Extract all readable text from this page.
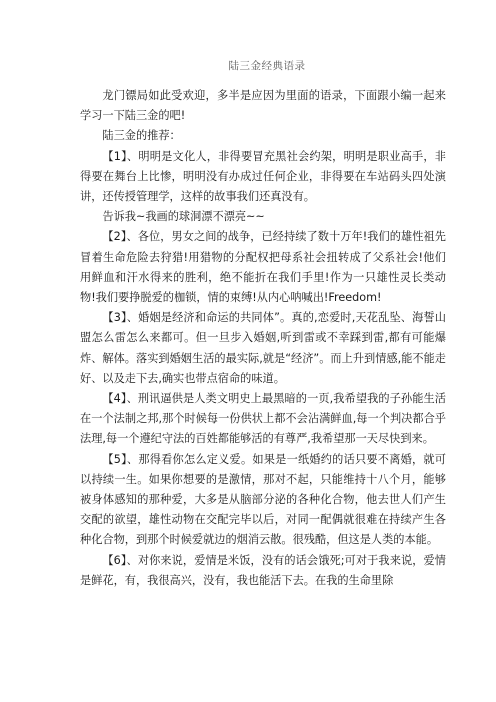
陆三金经典语录

龙门镖局如此受欢迎，多半是应因为里面的语录，下面跟小编一起来学习一下陆三金的吧!

陆三金的推荐：

【1】、明明是文化人，非得要冒充黑社会约架，明明是职业高手，非得要在舞台上比惨，明明没有办成过任何企业，非得要在车站码头四处演讲，还传授管理学，这样的故事我们还真没有。

告诉我~我画的球洞漂不漂亮~~

【2】、各位，男女之间的战争，已经持续了数十万年!我们的雄性祖先冒着生命危险去狩猎!用猎物的分配权把母系社会扭转成了父系社会!他们用鲜血和汗水得来的胜利，绝不能折在我们手里!作为一只雄性灵长类动物!我们要挣脱爱的枷锁，情的束缚!从内心呐喊出!Freedom!

【3】、婚姻是经济和命运的共同体”。真的,恋爱时,天花乱坠、海誓山盟怎么雷怎么来都可。但一旦步入婚姻,听到雷或不幸踩到雷,都有可能爆炸、解体。落实到婚姻生活的最实际,就是“经济”。而上升到情感,能不能走好、以及走下去,确实也带点宿命的味道。

【4】、刑讯逼供是人类文明史上最黑暗的一页,我希望我的子孙能生活在一个法制之邦,那个时候每一份供状上都不会沾满鲜血,每一个判决都合乎法理,每一个遵纪守法的百姓都能够活的有尊严,我希望那一天尽快到来。

【5】、那得看你怎么定义爱。如果是一纸婚约的话只要不离婚，就可以持续一生。如果你想要的是激情，那对不起，只能维持十八个月，能够被身体感知的那种爱，大多是从脑部分泌的各种化合物，他去世人们产生交配的欲望，雄性动物在交配完毕以后，对同一配偶就很难在持续产生各种化合物，到那个时候爱就边的烟消云散。很残酷，但这是人类的本能。

【6】、对你来说，爱情是米饭，没有的话会饿死;可对于我来说，爱情是鲜花，有，我很高兴，没有，我也能活下去。在我的生命里除
